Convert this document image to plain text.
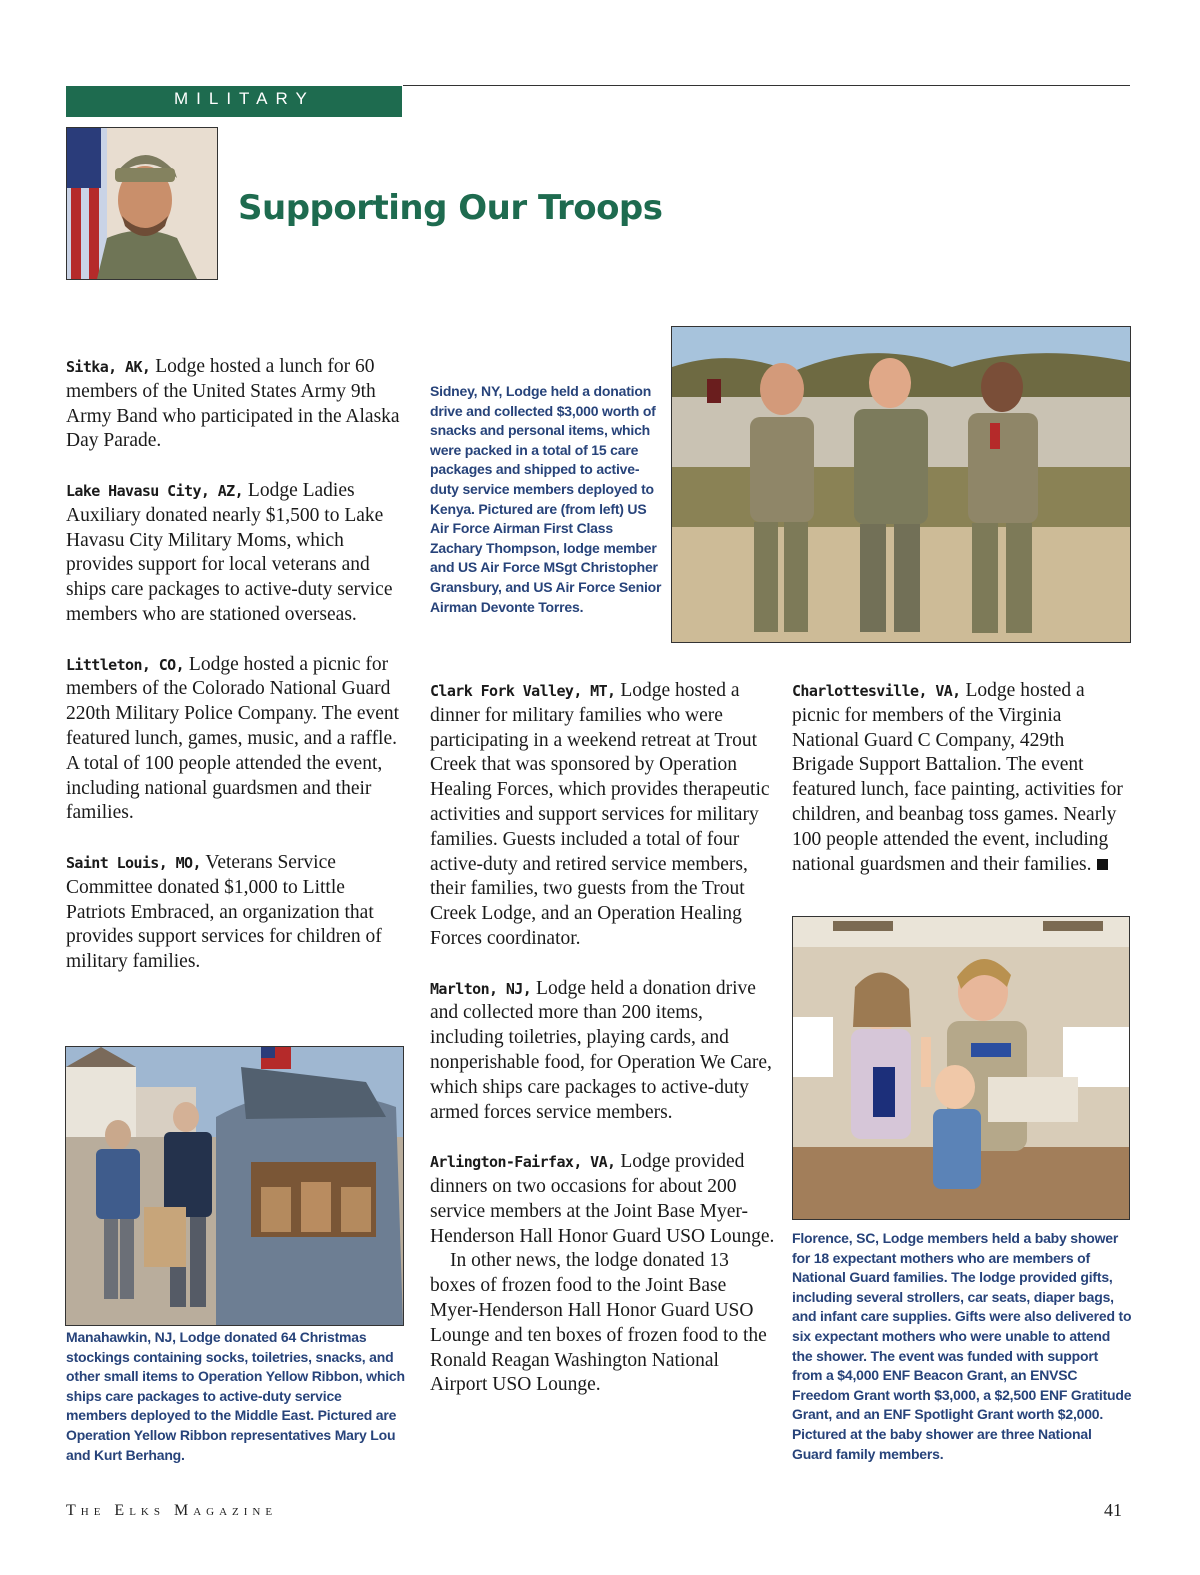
MILITARY
Supporting Our Troops

Sitka, AK, Lodge hosted a lunch for 60 members of the United States Army 9th Army Band who participated in the Alaska Day Parade.

Lake Havasu City, AZ, Lodge Ladies Auxiliary donated nearly $1,500 to Lake Havasu City Military Moms, which provides support for local veterans and ships care packages to active-duty service members who are stationed overseas.

Littleton, CO, Lodge hosted a picnic for members of the Colorado National Guard 220th Military Police Company. The event featured lunch, games, music, and a raffle. A total of 100 people attended the event, including national guardsmen and their families.

Saint Louis, MO, Veterans Service Committee donated $1,000 to Little Patriots Embraced, an organization that provides support services for children of military families.

Manahawkin, NJ, Lodge donated 64 Christmas stockings containing socks, toiletries, snacks, and other small items to Operation Yellow Ribbon, which ships care packages to active-duty service members deployed to the Middle East. Pictured are Operation Yellow Ribbon representatives Mary Lou and Kurt Berhang.
Sidney, NY, Lodge held a donation drive and collected $3,000 worth of snacks and personal items, which were packed in a total of 15 care packages and shipped to active-duty service members deployed to Kenya. Pictured are (from left) US Air Force Airman First Class Zachary Thompson, lodge member and US Air Force MSgt Christopher Gransbury, and US Air Force Senior Airman Devonte Torres.

Clark Fork Valley, MT, Lodge hosted a dinner for military families who were participating in a weekend retreat at Trout Creek that was sponsored by Operation Healing Forces, which provides therapeutic activities and support services for military families. Guests included a total of four active-duty and retired service members, their families, two guests from the Trout Creek Lodge, and an Operation Healing Forces coordinator.

Marlton, NJ, Lodge held a donation drive and collected more than 200 items, including toiletries, playing cards, and nonperishable food, for Operation We Care, which ships care packages to active-duty armed forces service members.

Arlington-Fairfax, VA, Lodge provided dinners on two occasions for about 200 service members at the Joint Base Myer-Henderson Hall Honor Guard USO Lounge.

In other news, the lodge donated 13 boxes of frozen food to the Joint Base Myer-Henderson Hall Honor Guard USO Lounge and ten boxes of frozen food to the Ronald Reagan Washington National Airport USO Lounge.

Charlottesville, VA, Lodge hosted a picnic for members of the Virginia National Guard C Company, 429th Brigade Support Battalion. The event featured lunch, face painting, activities for children, and beanbag toss games. Nearly 100 people attended the event, including national guardsmen and their families.

Florence, SC, Lodge members held a baby shower for 18 expectant mothers who are members of National Guard families. The lodge provided gifts, including several strollers, car seats, diaper bags, and infant care supplies. Gifts were also delivered to six expectant mothers who were unable to attend the shower. The event was funded with support from a $4,000 ENF Beacon Grant, an ENVSC Freedom Grant worth $3,000, a $2,500 ENF Gratitude Grant, and an ENF Spotlight Grant worth $2,000. Pictured at the baby shower are three National Guard family members.
The Elks Magazine	41
